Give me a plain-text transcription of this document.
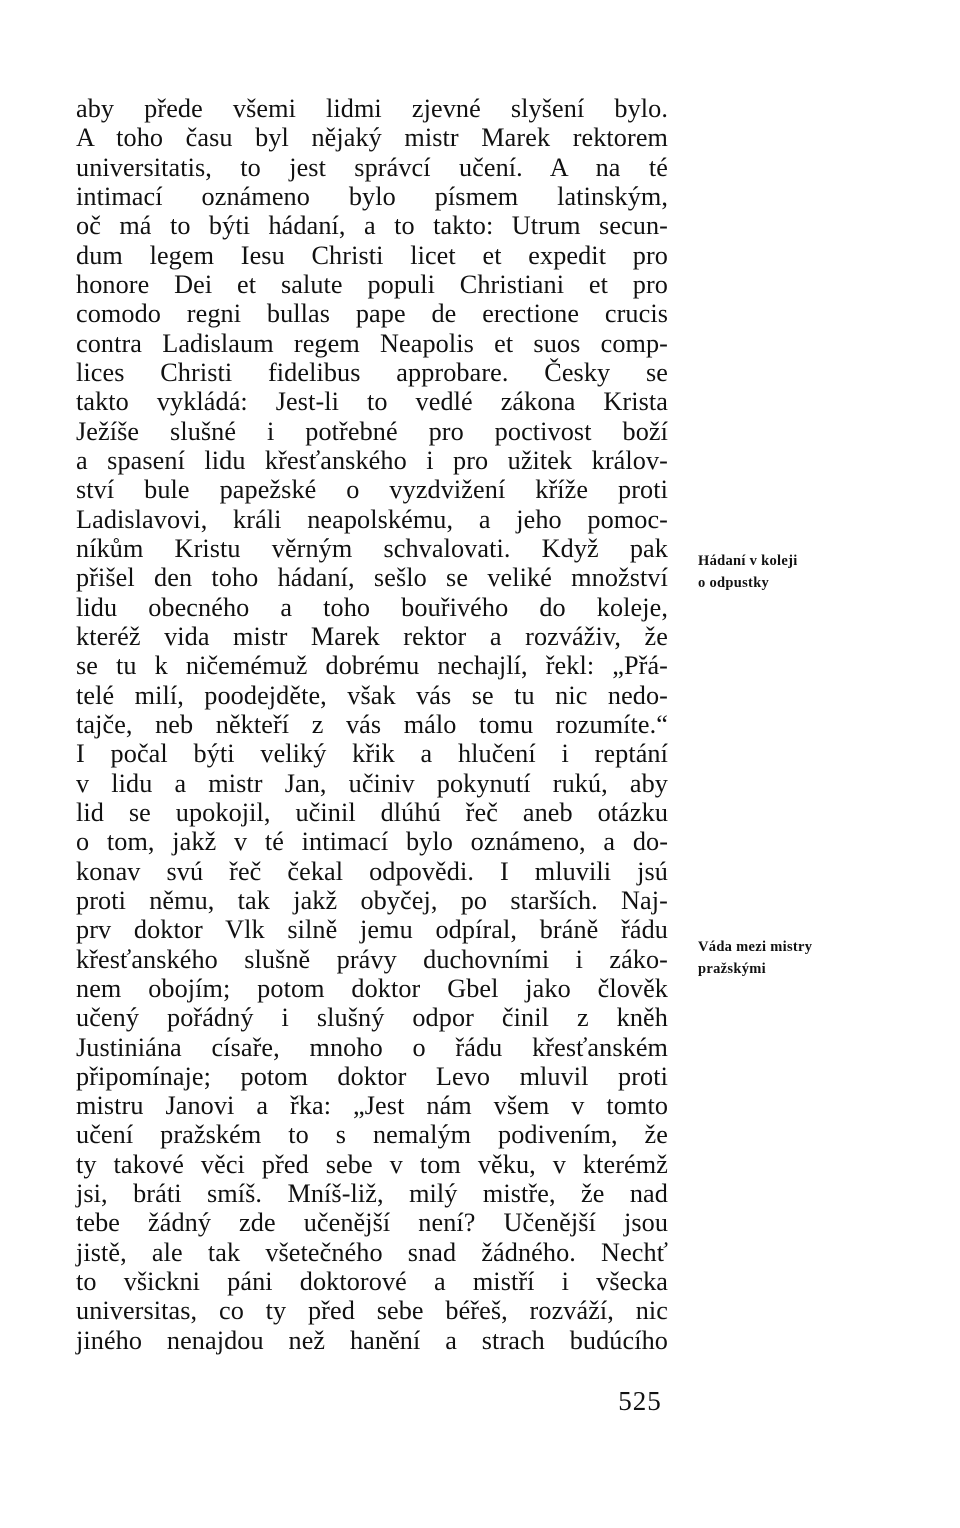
aby přede všemi lidmi zjevné slyšení bylo.
A toho času byl nějaký mistr Marek rektorem
universitatis, to jest správcí učení. A na té
intimací oznámeno bylo písmem latinským,
oč má to býti hádaní, a to takto: Utrum secun-
dum legem Iesu Christi licet et expedit pro
honore Dei et salute populi Christiani et pro
comodo regni bullas pape de erectione crucis
contra Ladislaum regem Neapolis et suos comp-
lices Christi fidelibus approbare. Česky se
takto vykládá: Jest-li to vedlé zákona Krista
Ježíše slušné i potřebné pro poctivost boží
a spasení lidu křesťanského i pro užitek králov-
ství bule papežské o vyzdvižení kříže proti
Ladislavovi, králi neapolskému, a jeho pomoc-
níkům Kristu věrným schvalovati. Když pak
přišel den toho hádaní, sešlo se veliké množství
lidu obecného a toho bouřivého do koleje,
kteréž vida mistr Marek rektor a rozváživ, že
se tu k ničemémuž dobrému nechajlí, řekl: „Přá-
telé milí, poodejděte, však vás se tu nic nedo-
tajče, neb někteří z vás málo tomu rozumíte.“
I počal býti veliký křik a hlučení i reptání
v lidu a mistr Jan, učiniv pokynutí rukú, aby
lid se upokojil, učinil dlúhú řeč aneb otázku
o tom, jakž v té intimací bylo oznámeno, a do-
konav svú řeč čekal odpovědi. I mluvili jsú
proti němu, tak jakž obyčej, po starších. Naj-
prv doktor Vlk silně jemu odpíral, bráně řádu
křesťanského slušně právy duchovními i záko-
nem obojím; potom doktor Gbel jako člověk
učený pořádný i slušný odpor činil z kněh
Justiniána císaře, mnoho o řádu křesťanském
připomínaje; potom doktor Levo mluvil proti
mistru Janovi a řka: „Jest nám všem v tomto
učení pražském to s nemalým podivením, že
ty takové věci před sebe v tom věku, v kterémž
jsi, bráti smíš. Mníš-liž, milý mistře, že nad
tebe žádný zde učenější není? Učenější jsou
jistě, ale tak všetečného snad žádného. Nechť
to všickni páni doktorové a mistří i všecka
universitas, co ty před sebe béřeš, rozváží, nic
jiného nenajdou než hanění a strach budúcího
Hádaní v koleji
o odpustky
Váda mezi mistry
pražskými
525
